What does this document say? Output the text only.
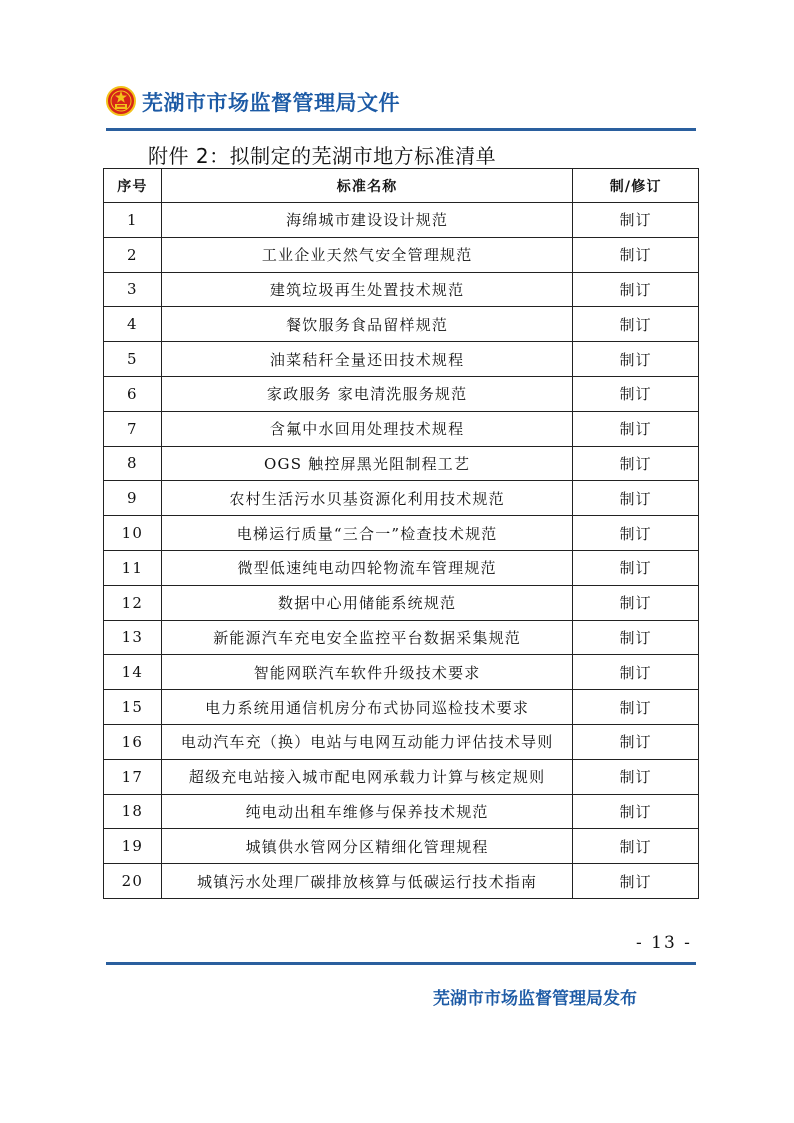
芜湖市市场监督管理局文件
附件 2：拟制定的芜湖市地方标准清单
序号	标准名称	制/修订
1	海绵城市建设设计规范	制订
2	工业企业天然气安全管理规范	制订
3	建筑垃圾再生处置技术规范	制订
4	餐饮服务食品留样规范	制订
5	油菜秸秆全量还田技术规程	制订
6	家政服务 家电清洗服务规范	制订
7	含氟中水回用处理技术规程	制订
8	OGS 触控屏黑光阻制程工艺	制订
9	农村生活污水贝基资源化利用技术规范	制订
10	电梯运行质量“三合一”检查技术规范	制订
11	微型低速纯电动四轮物流车管理规范	制订
12	数据中心用储能系统规范	制订
13	新能源汽车充电安全监控平台数据采集规范	制订
14	智能网联汽车软件升级技术要求	制订
15	电力系统用通信机房分布式协同巡检技术要求	制订
16	电动汽车充（换）电站与电网互动能力评估技术导则	制订
17	超级充电站接入城市配电网承载力计算与核定规则	制订
18	纯电动出租车维修与保养技术规范	制订
19	城镇供水管网分区精细化管理规程	制订
20	城镇污水处理厂碳排放核算与低碳运行技术指南	制订
- 13 -
芜湖市市场监督管理局发布
